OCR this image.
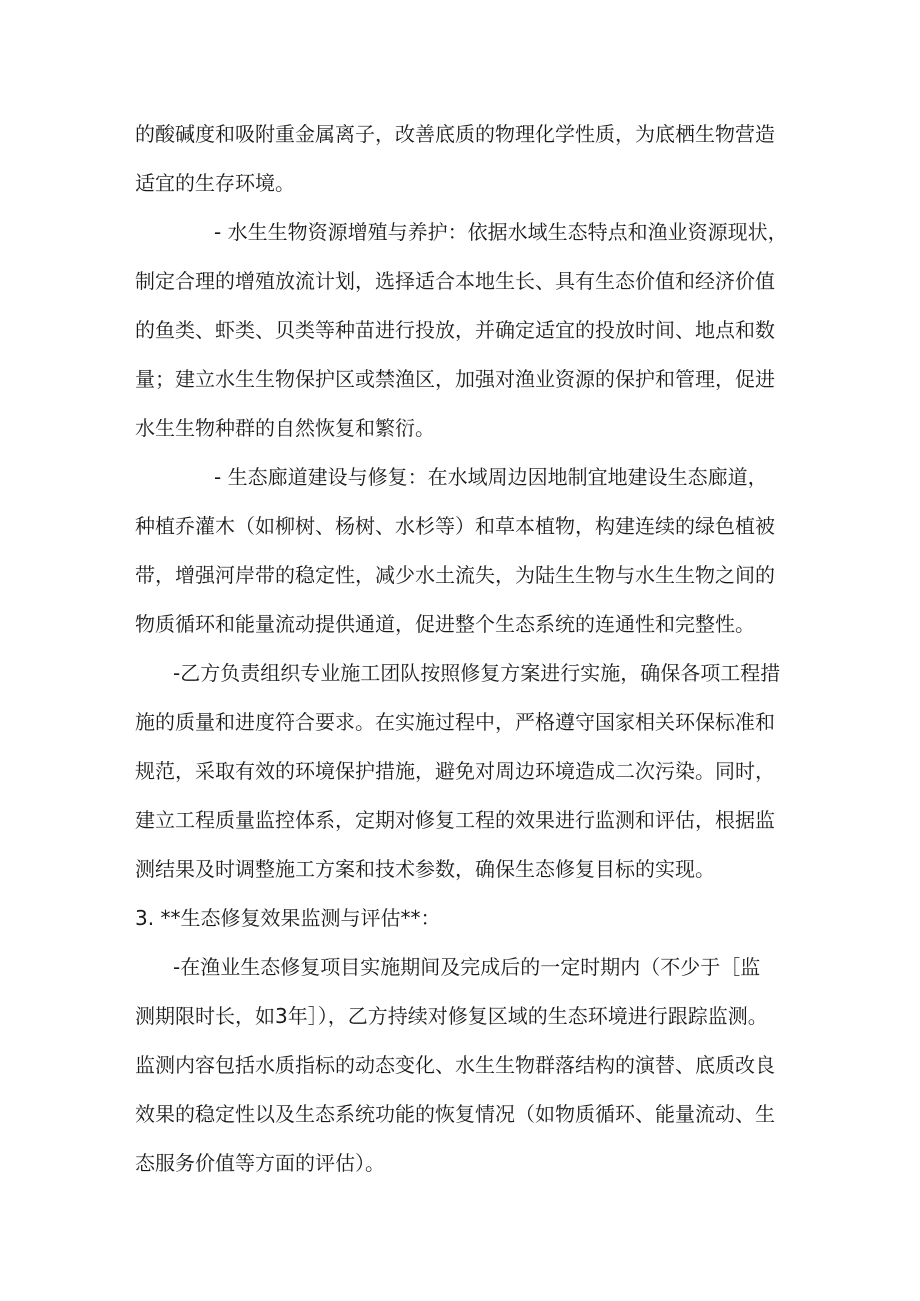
的酸碱度和吸附重金属离子，改善底质的物理化学性质，为底栖生物营造

适宜的生存环境。

- 水生生物资源增殖与养护：依据水域生态特点和渔业资源现状，

制定合理的增殖放流计划，选择适合本地生长、具有生态价值和经济价值

的鱼类、虾类、贝类等种苗进行投放，并确定适宜的投放时间、地点和数

量；建立水生生物保护区或禁渔区，加强对渔业资源的保护和管理，促进

水生生物种群的自然恢复和繁衍。

- 生态廊道建设与修复：在水域周边因地制宜地建设生态廊道，

种植乔灌木（如柳树、杨树、水杉等）和草本植物，构建连续的绿色植被

带，增强河岸带的稳定性，减少水土流失，为陆生生物与水生生物之间的

物质循环和能量流动提供通道，促进整个生态系统的连通性和完整性。

-乙方负责组织专业施工团队按照修复方案进行实施，确保各项工程措

施的质量和进度符合要求。在实施过程中，严格遵守国家相关环保标准和

规范，采取有效的环境保护措施，避免对周边环境造成二次污染。同时，

建立工程质量监控体系，定期对修复工程的效果进行监测和评估，根据监

测结果及时调整施工方案和技术参数，确保生态修复目标的实现。

3. **生态修复效果监测与评估**：

-在渔业生态修复项目实施期间及完成后的一定时期内（不少于［监

测期限时长，如3年］），乙方持续对修复区域的生态环境进行跟踪监测。

监测内容包括水质指标的动态变化、水生生物群落结构的演替、底质改良

效果的稳定性以及生态系统功能的恢复情况（如物质循环、能量流动、生

态服务价值等方面的评估）。
